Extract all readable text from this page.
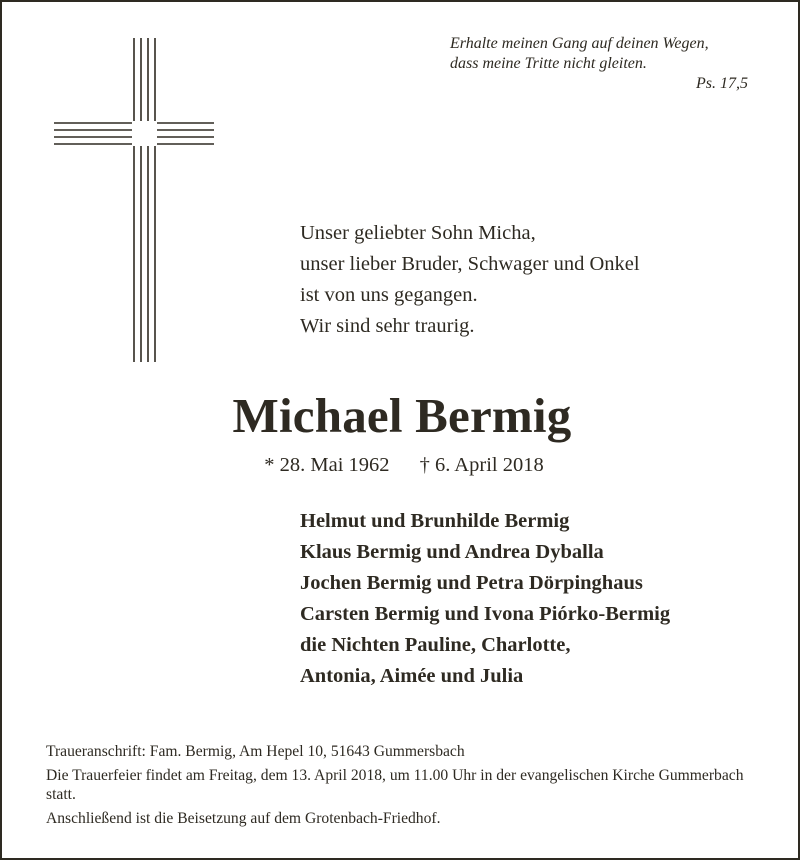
Erhalte meinen Gang auf deinen Wegen,
dass meine Tritte nicht gleiten.
Ps. 17,5
Unser geliebter Sohn Micha,
unser lieber Bruder, Schwager und Onkel
ist von uns gegangen.
Wir sind sehr traurig.
Michael Bermig
* 28. Mai 1962 † 6. April 2018
Helmut und Brunhilde Bermig
Klaus Bermig und Andrea Dyballa
Jochen Bermig und Petra Dörpinghaus
Carsten Bermig und Ivona Piórko-Bermig
die Nichten Pauline, Charlotte,
Antonia, Aimée und Julia
Traueranschrift: Fam. Bermig, Am Hepel 10, 51643 Gummersbach
Die Trauerfeier findet am Freitag, dem 13. April 2018, um 11.00 Uhr in der evangelischen Kirche Gummerbach statt.
Anschließend ist die Beisetzung auf dem Grotenbach-Friedhof.
